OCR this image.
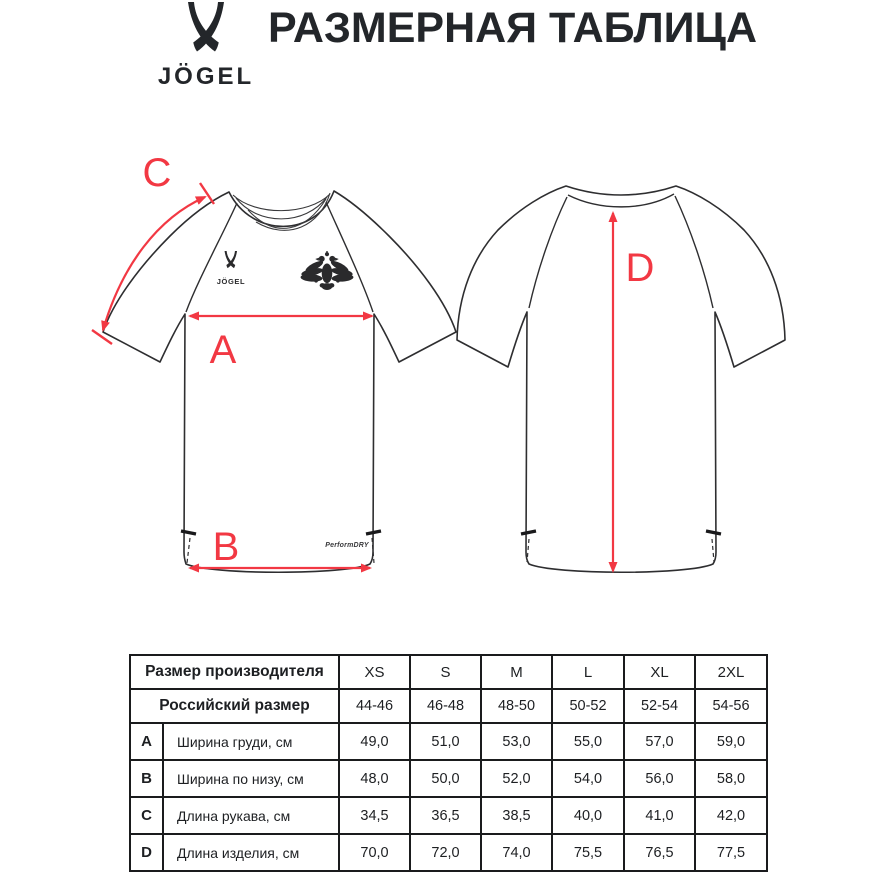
JÖGEL
РАЗМЕРНАЯ ТАБЛИЦА
JÖGEL
PerformDRY
A
B
C
D
Размер производителя		XS	S	M	L	XL	2XL
Российский размер		44-46	46-48	48-50	50-52	52-54	54-56
A	Ширина груди, см	49,0	51,0	53,0	55,0	57,0	59,0
B	Ширина по низу, см	48,0	50,0	52,0	54,0	56,0	58,0
C	Длина рукава, см	34,5	36,5	38,5	40,0	41,0	42,0
D	Длина изделия, см	70,0	72,0	74,0	75,5	76,5	77,5
